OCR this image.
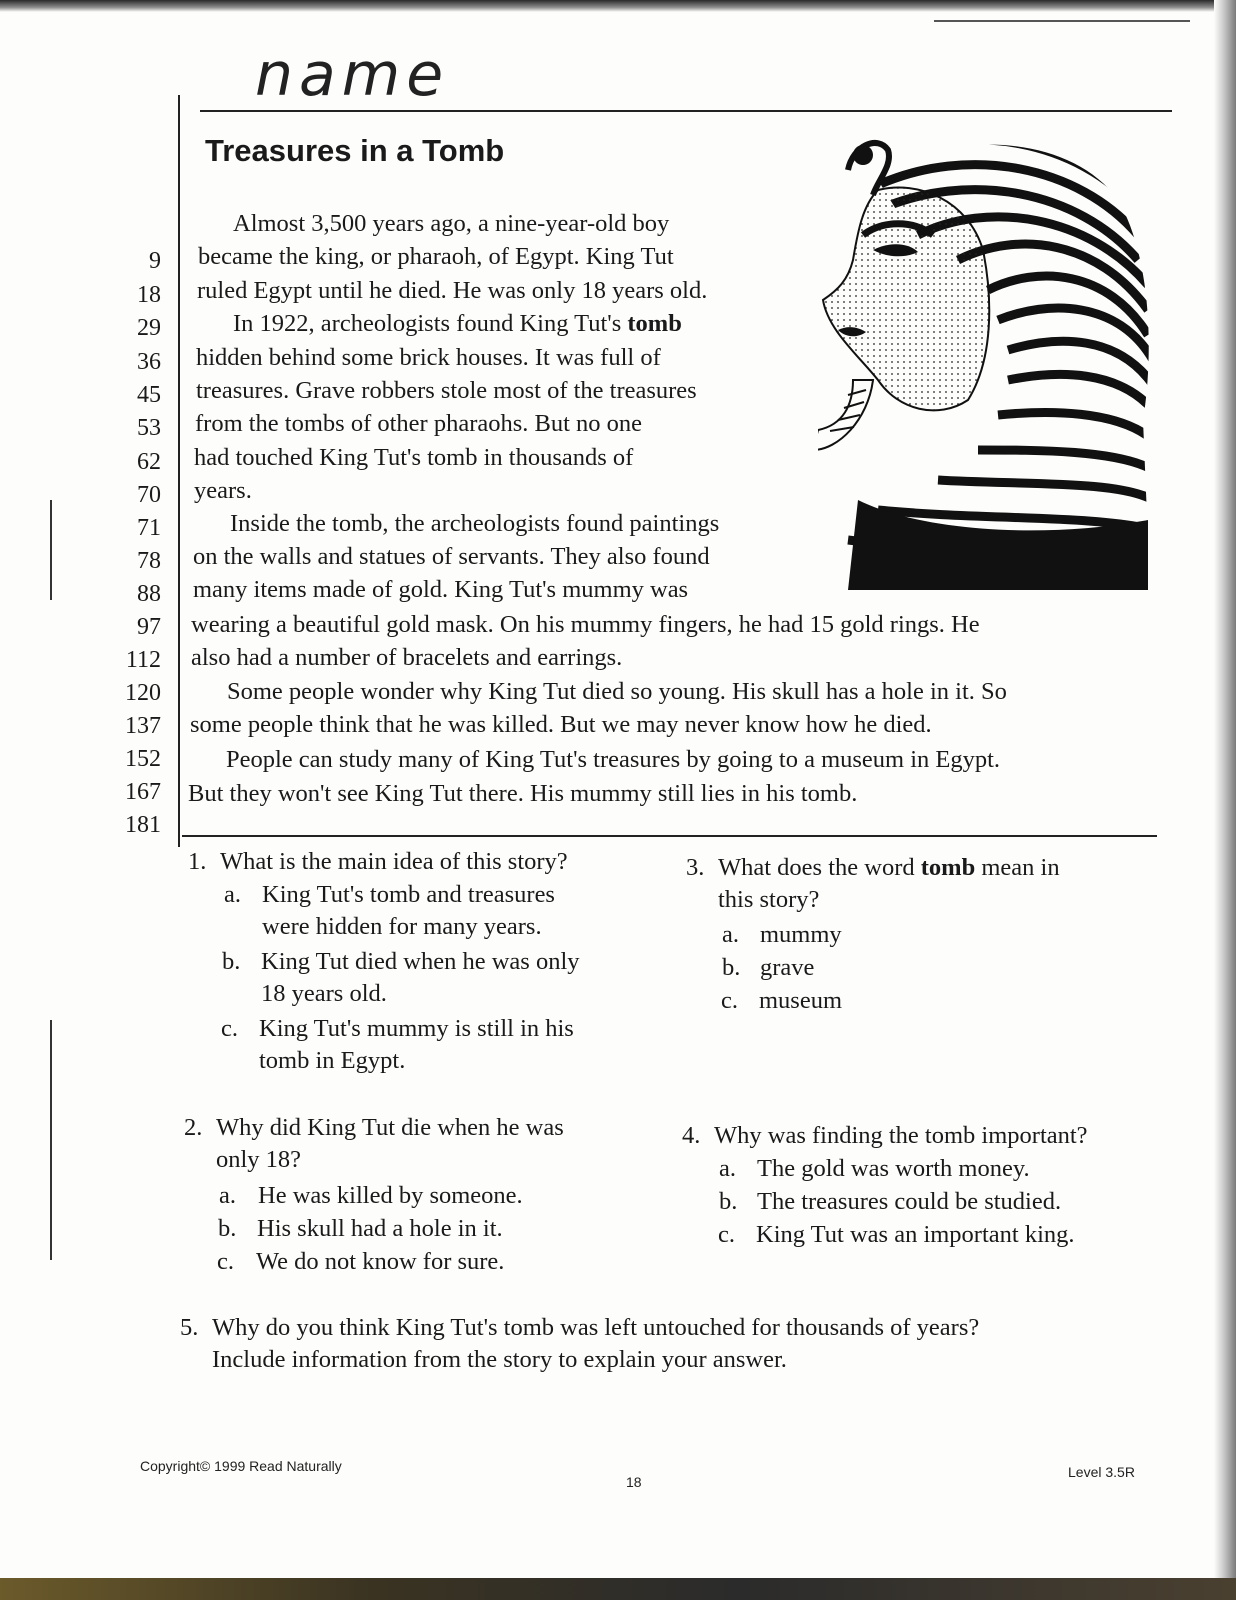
name
Treasures in a Tomb
9
18
29
36
45
53
62
70
71
78
88
97
112
120
137
152
167
181
Almost 3,500 years ago, a nine-year-old boy
became the king, or pharaoh, of Egypt. King Tut
ruled Egypt until he died. He was only 18 years old.
In 1922, archeologists found King Tut's tomb
hidden behind some brick houses. It was full of
treasures. Grave robbers stole most of the treasures
from the tombs of other pharaohs. But no one
had touched King Tut's tomb in thousands of
years.
Inside the tomb, the archeologists found paintings
on the walls and statues of servants. They also found
many items made of gold. King Tut's mummy was
wearing a beautiful gold mask. On his mummy fingers, he had 15 gold rings. He
also had a number of bracelets and earrings.
Some people wonder why King Tut died so young. His skull has a hole in it. So
some people think that he was killed. But we may never know how he died.
People can study many of King Tut's treasures by going to a museum in Egypt.
But they won't see King Tut there. His mummy still lies in his tomb.
1. What is the main idea of this story?
a. King Tut's tomb and treasures
were hidden for many years.
b. King Tut died when he was only
18 years old.
c. King Tut's mummy is still in his
tomb in Egypt.
2. Why did King Tut die when he was
only 18?
a. He was killed by someone.
b. His skull had a hole in it.
c. We do not know for sure.
3. What does the word tomb mean in
this story?
a. mummy
b. grave
c. museum
4. Why was finding the tomb important?
a. The gold was worth money.
b. The treasures could be studied.
c. King Tut was an important king.
5. Why do you think King Tut's tomb was left untouched for thousands of years?
Include information from the story to explain your answer.
Copyright© 1999 Read Naturally
18
Level 3.5R
